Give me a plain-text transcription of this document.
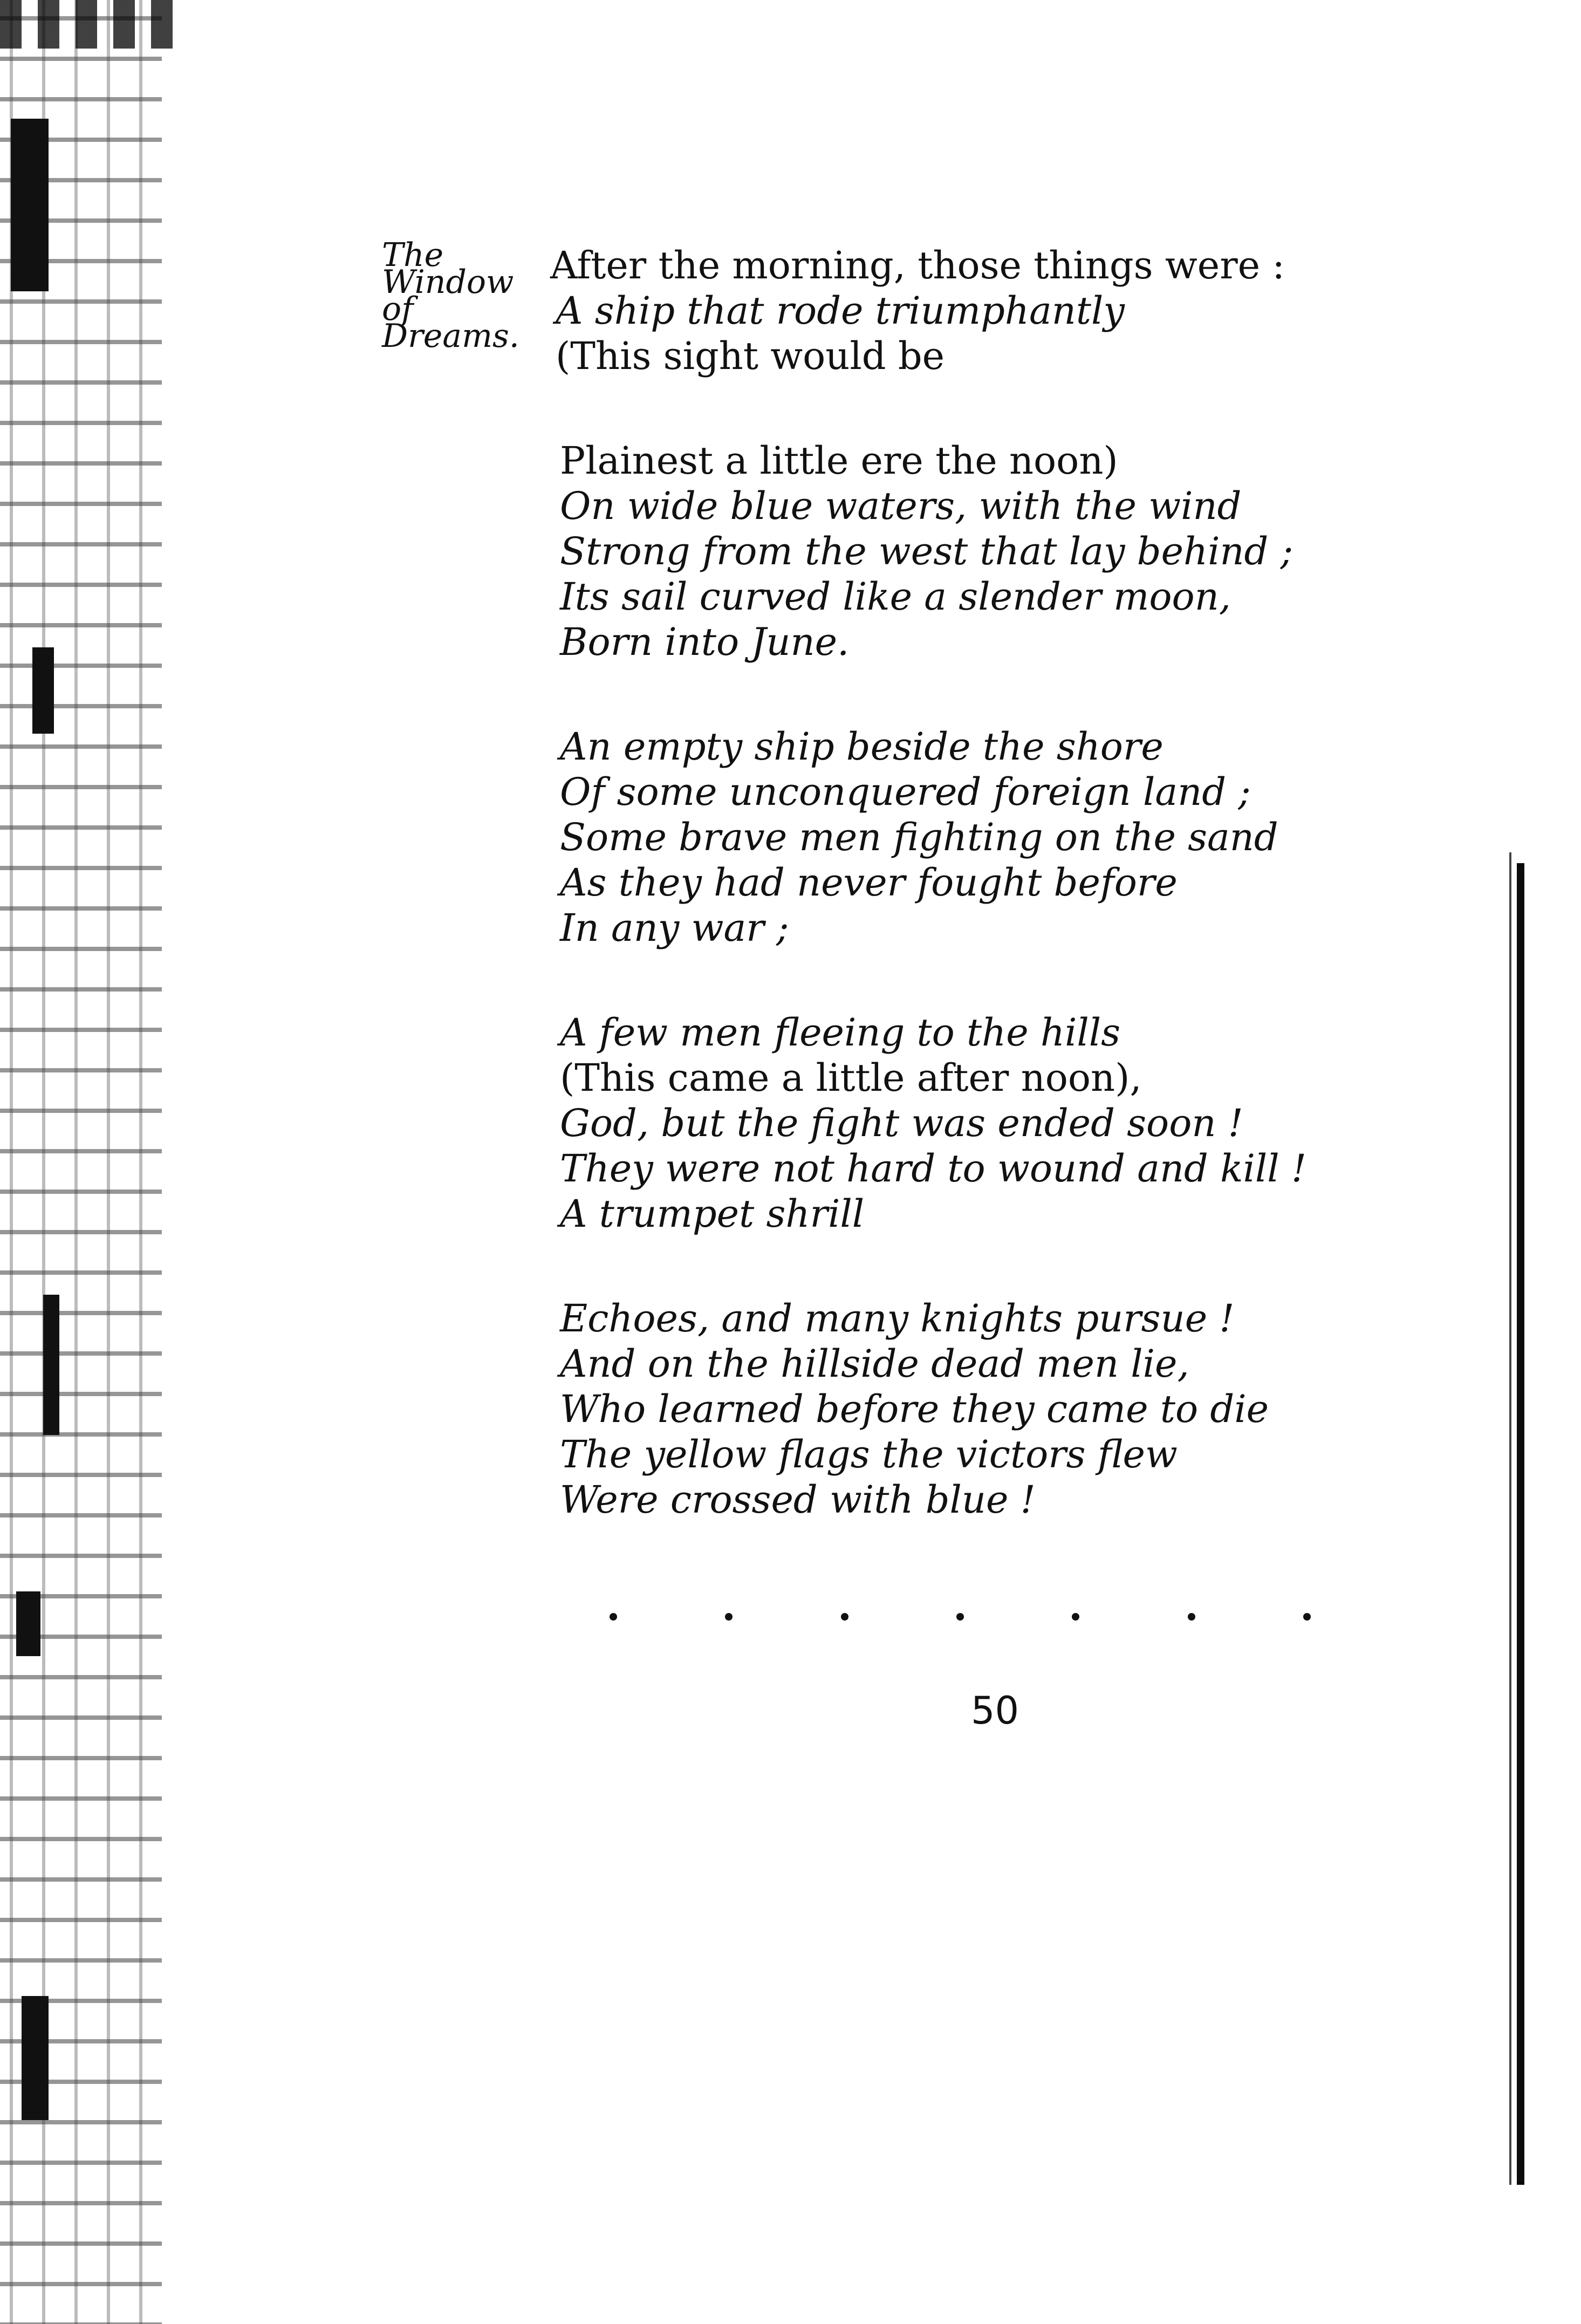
The
Window
of
Dreams.
After the morning, those things were :
A ship that rode triumphantly
(This sight would be
Plainest a little ere the noon)
On wide blue waters, with the wind
Strong from the west that lay behind ;
Its sail curved like a slender moon,
Born into June.
An empty ship beside the shore
Of some unconquered foreign land ;
Some brave men fighting on the sand
As they had never fought before
In any war ;
A few men fleeing to the hills
(This came a little after noon),
God, but the fight was ended soon !
They were not hard to wound and kill !
A trumpet shrill
Echoes, and many knights pursue !
And on the hillside dead men lie,
Who learned before they came to die
The yellow flags the victors flew
Were crossed with blue !
50
